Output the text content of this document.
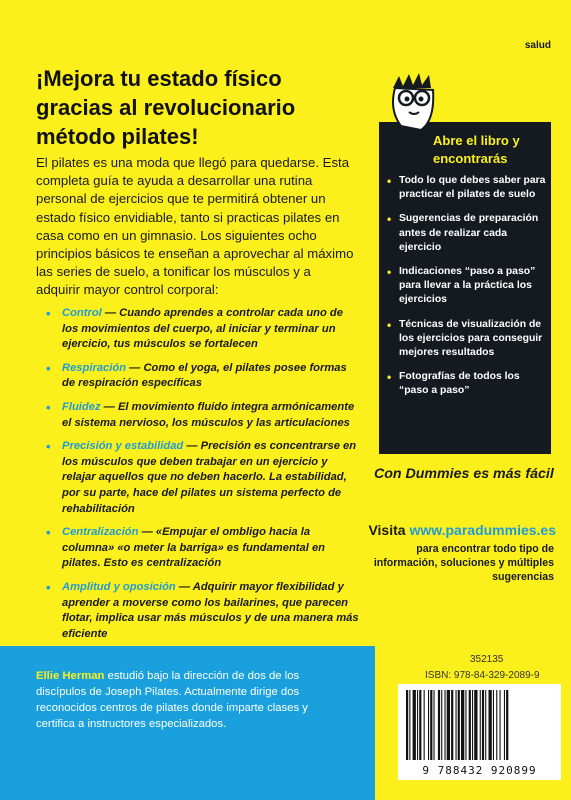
salud
¡Mejora tu estado físico gracias al revolucionario método pilates!
El pilates es una moda que llegó para quedarse. Esta completa guía te ayuda a desarrollar una rutina personal de ejercicios que te permitirá obtener un estado físico envidiable, tanto si practicas pilates en casa como en un gimnasio. Los siguientes ocho principios básicos te enseñan a aprovechar al máximo las series de suelo, a tonificar los músculos y a adquirir mayor control corporal:
• Control — Cuando aprendes a controlar cada uno de los movimientos del cuerpo, al iniciar y terminar un ejercicio, tus músculos se fortalecen
• Respiración — Como el yoga, el pilates posee formas de respiración específicas
• Fluidez — El movimiento fluido integra armónicamente el sistema nervioso, los músculos y las articulaciones
• Precisión y estabilidad — Precisión es concentrarse en los músculos que deben trabajar en un ejercicio y relajar aquellos que no deben hacerlo. La estabilidad, por su parte, hace del pilates un sistema perfecto de rehabilitación
• Centralización — «Empujar el ombligo hacia la columna» «o meter la barriga» es fundamental en pilates. Esto es centralización
• Amplitud y oposición — Adquirir mayor flexibilidad y aprender a moverse como los bailarines, que parecen flotar, implica usar más músculos y de una manera más eficiente
Abre el libro y encontrarás
• Todo lo que debes saber para practicar el pilates de suelo
• Sugerencias de preparación antes de realizar cada ejercicio
• Indicaciones “paso a paso” para llevar a la práctica los ejercicios
• Técnicas de visualización de los ejercicios para conseguir mejores resultados
• Fotografías de todos los “paso a paso”
Con Dummies es más fácil
Visita www.paradummies.es
para encontrar todo tipo de información, soluciones y múltiples sugerencias
Ellie Herman estudió bajo la dirección de dos de los discípulos de Joseph Pilates. Actualmente dirige dos reconocidos centros de pilates donde imparte clases y certifica a instructores especializados.
352135
ISBN: 978-84-329-2089-9
9 788432 920899
